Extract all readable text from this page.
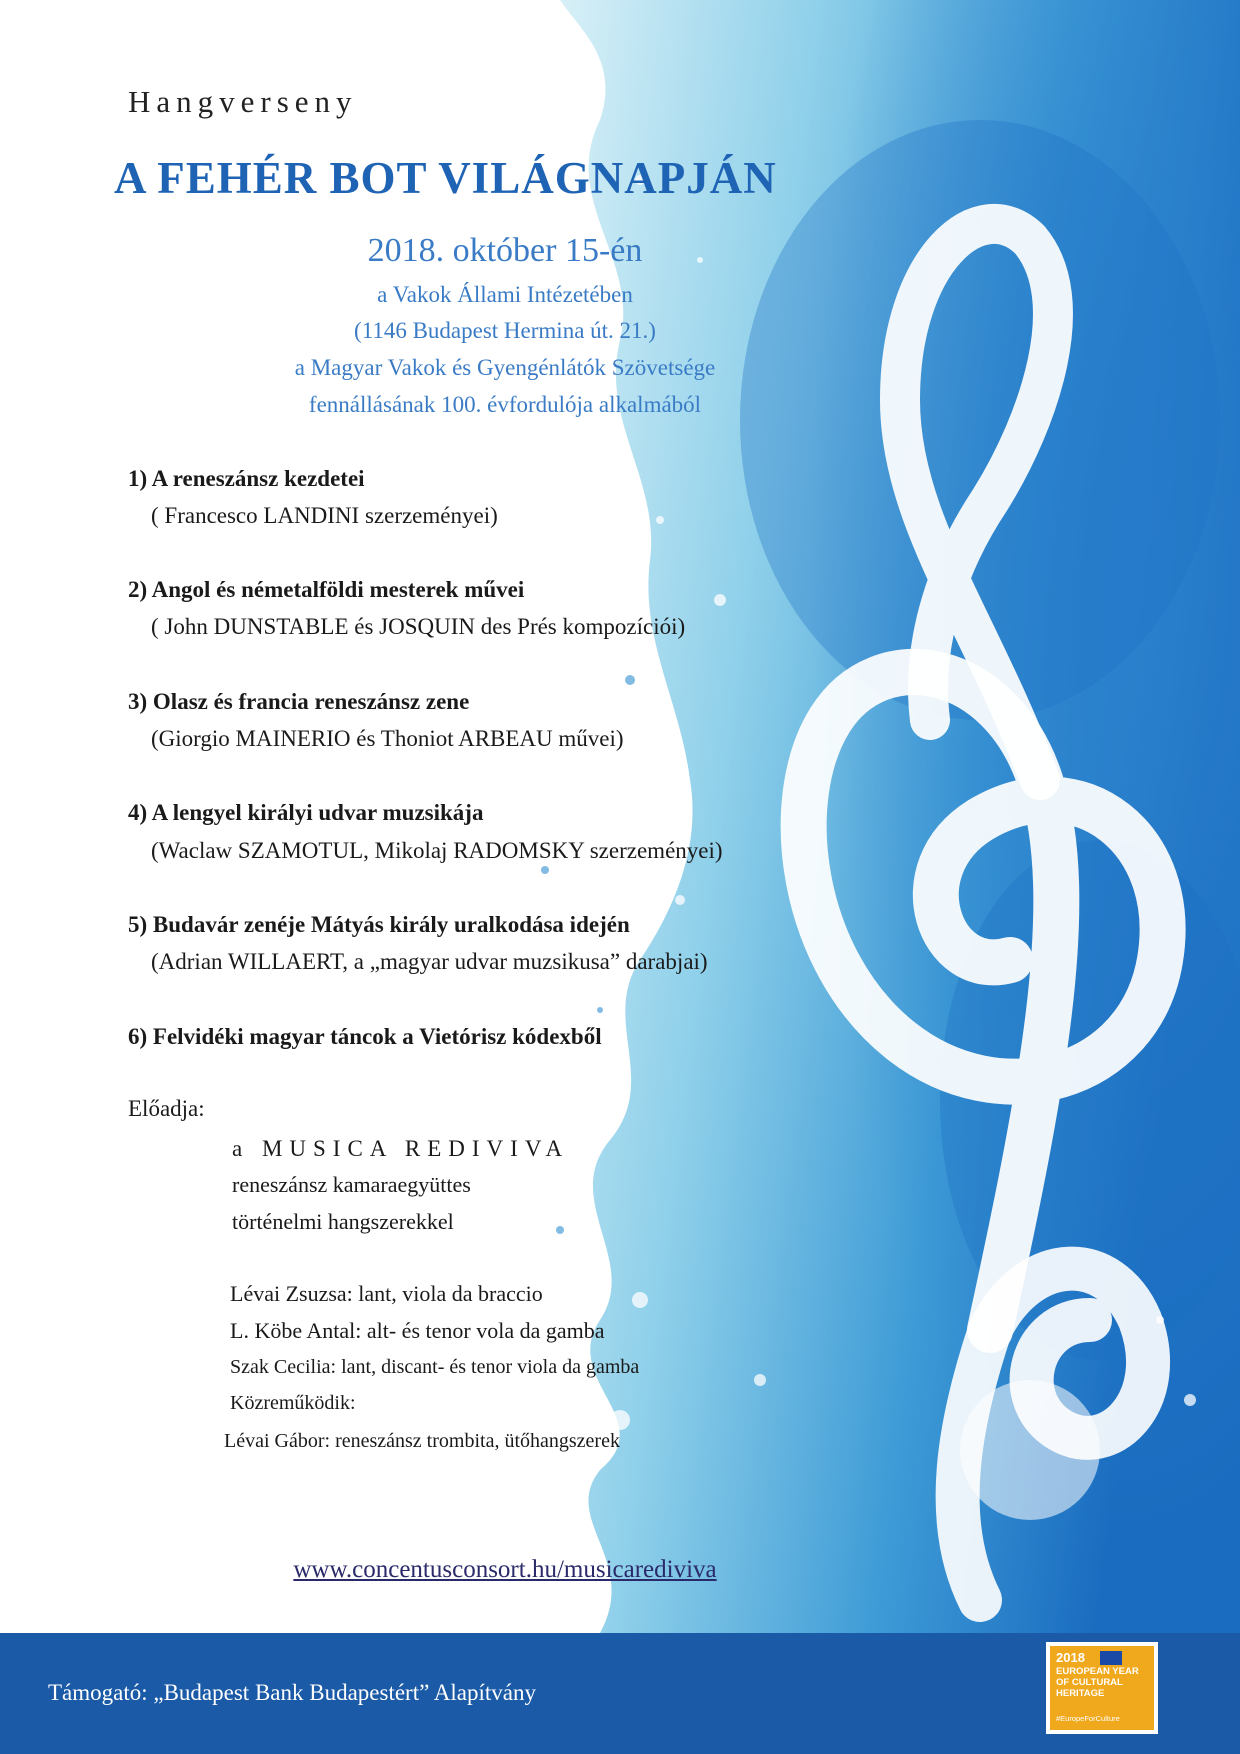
Hangverseny
A FEHÉR BOT VILÁGNAPJÁN
2018. október 15-én
a Vakok Állami Intézetében
(1146 Budapest Hermina út. 21.)
a Magyar Vakok és Gyengénlátók Szövetsége
fennállásának 100. évfordulója alkalmából
1) A reneszánsz kezdetei
( Francesco LANDINI szerzeményei)
2) Angol és németalföldi mesterek művei
( John DUNSTABLE és JOSQUIN des Prés kompozíciói)
3) Olasz és francia reneszánsz zene
(Giorgio MAINERIO és Thoniot ARBEAU művei)
4) A lengyel királyi udvar muzsikája
(Waclaw SZAMOTUL, Mikolaj RADOMSKY szerzeményei)
5) Budavár zenéje Mátyás király uralkodása idején
(Adrian WILLAERT, a „magyar udvar muzsikusa” darabjai)
6) Felvidéki magyar táncok a Vietórisz kódexből
Előadja:
a MUSICA REDIVIVA
reneszánsz kamaraegyüttes
történelmi hangszerekkel
Lévai Zsuzsa: lant, viola da braccio
L. Köbe Antal: alt- és tenor vola da gamba
Szak Cecilia: lant, discant- és tenor viola da gamba
Közreműködik:
Lévai Gábor: reneszánsz trombita, ütőhangszerek
www.concentusconsort.hu/musicarediviva
Támogató: „Budapest Bank Budapestért” Alapítvány
2018
EUROPEAN YEAR OF CULTURAL HERITAGE
#EuropeForCulture
